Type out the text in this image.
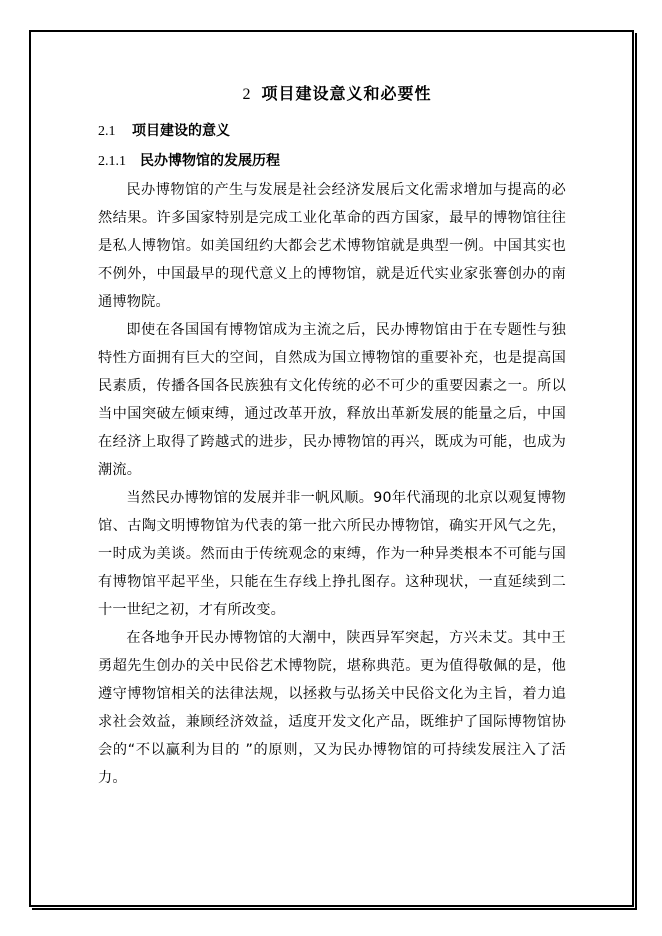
2 项目建设意义和必要性
2.1 项目建设的意义
2.1.1 民办博物馆的发展历程

民办博物馆的产生与发展是社会经济发展后文化需求增加与提高的必然结果。许多国家特别是完成工业化革命的西方国家，最早的博物馆往往是私人博物馆。如美国纽约大都会艺术博物馆就是典型一例。中国其实也不例外，中国最早的现代意义上的博物馆，就是近代实业家张謇创办的南通博物院。

即使在各国国有博物馆成为主流之后，民办博物馆由于在专题性与独特性方面拥有巨大的空间，自然成为国立博物馆的重要补充，也是提高国民素质，传播各国各民族独有文化传统的必不可少的重要因素之一。所以当中国突破左倾束缚，通过改革开放，释放出革新发展的能量之后，中国在经济上取得了跨越式的进步，民办博物馆的再兴，既成为可能，也成为潮流。

当然民办博物馆的发展并非一帆风顺。90年代涌现的北京以观复博物馆、古陶文明博物馆为代表的第一批六所民办博物馆，确实开风气之先，一时成为美谈。然而由于传统观念的束缚，作为一种异类根本不可能与国有博物馆平起平坐，只能在生存线上挣扎图存。这种现状，一直延续到二十一世纪之初，才有所改变。

在各地争开民办博物馆的大潮中，陕西异军突起，方兴未艾。其中王勇超先生创办的关中民俗艺术博物院，堪称典范。更为值得敬佩的是，他遵守博物馆相关的法律法规，以拯救与弘扬关中民俗文化为主旨，着力追求社会效益，兼顾经济效益，适度开发文化产品，既维护了国际博物馆协会的“不以赢利为目的 ”的原则，又为民办博物馆的可持续发展注入了活力。
